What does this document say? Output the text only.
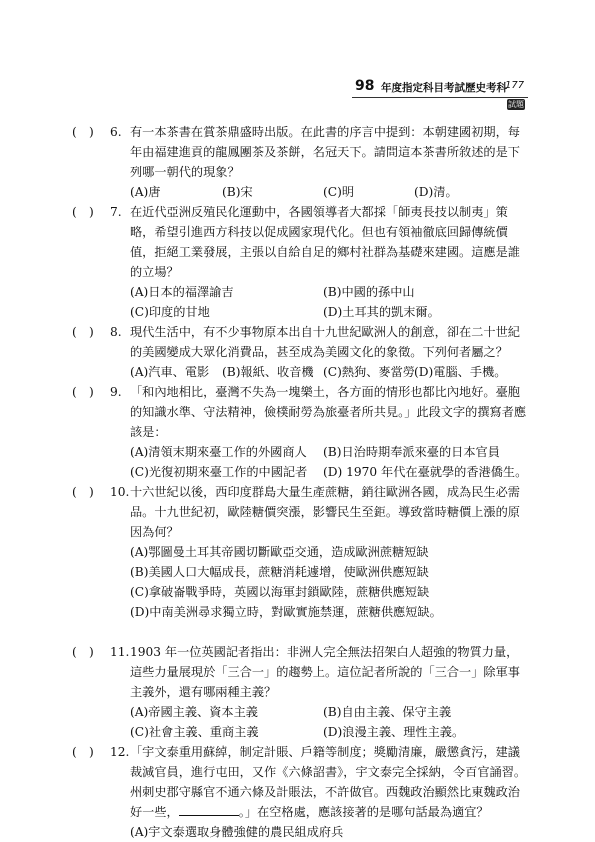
98 年度指定科目考試歷史考科
177
試題
(　)	6. 有一本茶書在賞茶鼎盛時出版。在此書的序言中提到：本朝建國初期，每年由福建進貢的龍鳳團茶及茶餅，名冠天下。請問這本茶書所敘述的是下列哪一朝代的現象？
(A)唐	(B)宋	(C)明	(D)清。
(　)	7. 在近代亞洲反殖民化運動中，各國領導者大都採「師夷長技以制夷」策略，希望引進西方科技以促成國家現代化。但也有領袖徹底回歸傳統價值，拒絕工業發展，主張以自給自足的鄉村社群為基礎來建國。這應是誰的立場？
(A)日本的福澤諭吉	(B)中國的孫中山
(C)印度的甘地	(D)土耳其的凱末爾。
(　)	8. 現代生活中，有不少事物原本出自十九世紀歐洲人的創意，卻在二十世紀的美國變成大眾化消費品，甚至成為美國文化的象徵。下列何者屬之？
(A)汽車、電影 (B)報紙、收音機 (C)熱狗、麥當勞 (D)電腦、手機。
(　)	9. 「和內地相比，臺灣不失為一塊樂土，各方面的情形也都比內地好。臺胞的知識水準、守法精神，儉樸耐勞為旅臺者所共見。」此段文字的撰寫者應該是：
(A)清領末期來臺工作的外國商人 (B)日治時期奉派來臺的日本官員
(C)光復初期來臺工作的中國記者 (D) 1970 年代在臺就學的香港僑生。
(　)	10. 十六世紀以後，西印度群島大量生產蔗糖，銷往歐洲各國，成為民生必需品。十九世紀初，歐陸糖價突漲，影響民生至鉅。導致當時糖價上漲的原因為何？
(A)鄂圖曼土耳其帝國切斷歐亞交通，造成歐洲蔗糖短缺
(B)美國人口大幅成長，蔗糖消耗遽增，使歐洲供應短缺
(C)拿破崙戰爭時，英國以海軍封鎖歐陸，蔗糖供應短缺
(D)中南美洲尋求獨立時，對歐實施禁運，蔗糖供應短缺。
(　)	11. 1903 年一位英國記者指出：非洲人完全無法招架白人超強的物質力量，這些力量展現於「三合一」的趨勢上。這位記者所說的「三合一」除軍事主義外，還有哪兩種主義？
(A)帝國主義、資本主義	(B)自由主義、保守主義
(C)社會主義、重商主義	(D)浪漫主義、理性主義。
(　)	12. 「宇文泰重用蘇綽，制定計賬、戶籍等制度；獎勵清廉，嚴懲貪污，建議裁減官員，進行屯田，又作《六條詔書》，宇文泰完全採納，令百官誦習。州刺史郡守縣官不通六條及計賬法，不許做官。西魏政治顯然比東魏政治好一些，	。」在空格處，應該接著的是哪句話最為適宜？
(A)宇文泰選取身體強健的農民組成府兵
